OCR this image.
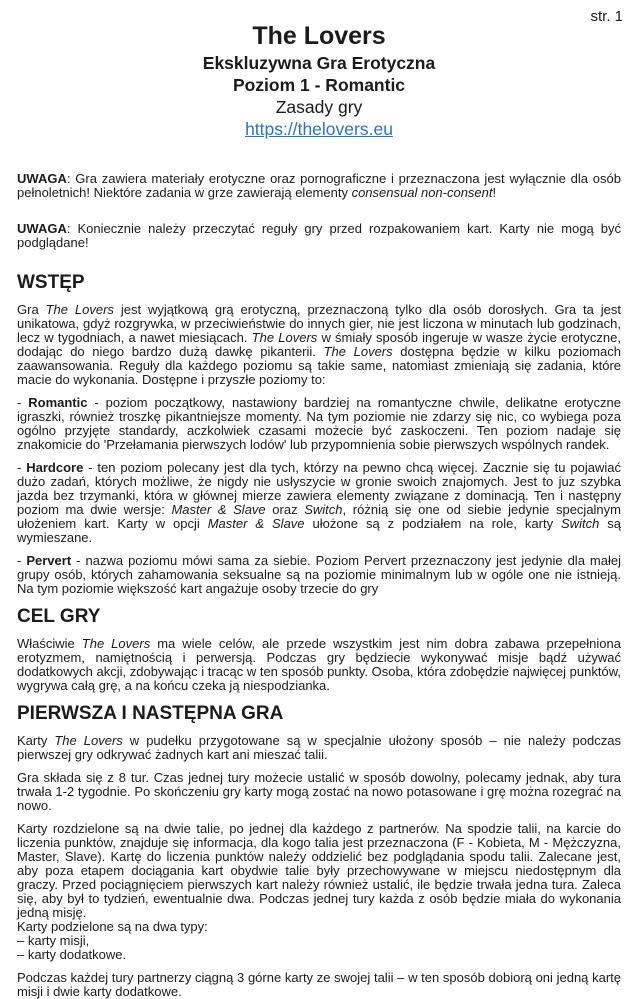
str. 1
The Lovers
Ekskluzywna Gra Erotyczna
Poziom 1 - Romantic
Zasady gry
https://thelovers.eu

UWAGA: Gra zawiera materiały erotyczne oraz pornograficzne i przeznaczona jest wyłącznie dla osób pełnoletnich! Niektóre zadania w grze zawierają elementy consensual non-consent!

UWAGA: Koniecznie należy przeczytać reguły gry przed rozpakowaniem kart. Karty nie mogą być podglądane!

WSTĘP

Gra The Lovers jest wyjątkową grą erotyczną, przeznaczoną tylko dla osób dorosłych. Gra ta jest unikatowa, gdyż rozgrywka, w przeciwieństwie do innych gier, nie jest liczona w minutach lub godzinach, lecz w tygodniach, a nawet miesiącach. The Lovers w śmiały sposób ingeruje w wasze życie erotyczne, dodając do niego bardzo dużą dawkę pikanterii. The Lovers dostępna będzie w kilku poziomach zaawansowania. Reguły dla każdego poziomu są takie same, natomiast zmieniają się zadania, które macie do wykonania. Dostępne i przyszłe poziomy to:

- Romantic - poziom początkowy, nastawiony bardziej na romantyczne chwile, delikatne erotyczne igraszki, również troszkę pikantniejsze momenty. Na tym poziomie nie zdarzy się nic, co wybiega poza ogólno przyjęte standardy, aczkolwiek czasami możecie być zaskoczeni. Ten poziom nadaje się znakomicie do 'Przełamania pierwszych lodów' lub przypomnienia sobie pierwszych wspólnych randek.

- Hardcore - ten poziom polecany jest dla tych, którzy na pewno chcą więcej. Zacznie się tu pojawiać dużo zadań, których możliwe, że nigdy nie usłyszycie w gronie swoich znajomych. Jest to juz szybka jazda bez trzymanki, która w głównej mierze zawiera elementy związane z dominacją. Ten i następny poziom ma dwie wersje: Master & Slave oraz Switch, różnią się one od siebie jedynie specjalnym ułożeniem kart. Karty w opcji Master & Slave ułożone są z podziałem na role, karty Switch są wymieszane.

- Pervert - nazwa poziomu mówi sama za siebie. Poziom Pervert przeznaczony jest jedynie dla małej grupy osób, których zahamowania seksualne są na poziomie minimalnym lub w ogóle one nie istnieją. Na tym poziomie większość kart angażuje osoby trzecie do gry

CEL GRY

Właściwie The Lovers ma wiele celów, ale przede wszystkim jest nim dobra zabawa przepełniona erotyzmem, namiętnością i perwersją. Podczas gry będziecie wykonywać misje bądź używać dodatkowych akcji, zdobywając i tracąc w ten sposób punkty. Osoba, która zdobędzie najwięcej punktów, wygrywa całą grę, a na końcu czeka ją niespodzianka.

PIERWSZA I NASTĘPNA GRA

Karty The Lovers w pudełku przygotowane są w specjalnie ułożony sposób – nie należy podczas pierwszej gry odkrywać żadnych kart ani mieszać talii.

Gra składa się z 8 tur. Czas jednej tury możecie ustalić w sposób dowolny, polecamy jednak, aby tura trwała 1-2 tygodnie. Po skończeniu gry karty mogą zostać na nowo potasowane i grę można rozegrać na nowo.

Karty rozdzielone są na dwie talie, po jednej dla każdego z partnerów. Na spodzie talii, na karcie do liczenia punktów, znajduje się informacja, dla kogo talia jest przeznaczona (F - Kobieta, M - Mężczyzna, Master, Slave). Kartę do liczenia punktów należy oddzielić bez podglądania spodu talii. Zalecane jest, aby poza etapem dociągania kart obydwie talie były przechowywane w miejscu niedostępnym dla graczy. Przed pociągnięciem pierwszych kart należy również ustalić, ile będzie trwała jedna tura. Zaleca się, aby był to tydzień, ewentualnie dwa. Podczas jednej tury każda z osób będzie miała do wykonania jedną misję.

Karty podzielone są na dwa typy:
– karty misji,
– karty dodatkowe.

Podczas każdej tury partnerzy ciągną 3 górne karty ze swojej talii – w ten sposób dobiorą oni jedną kartę misji i dwie karty dodatkowe.
